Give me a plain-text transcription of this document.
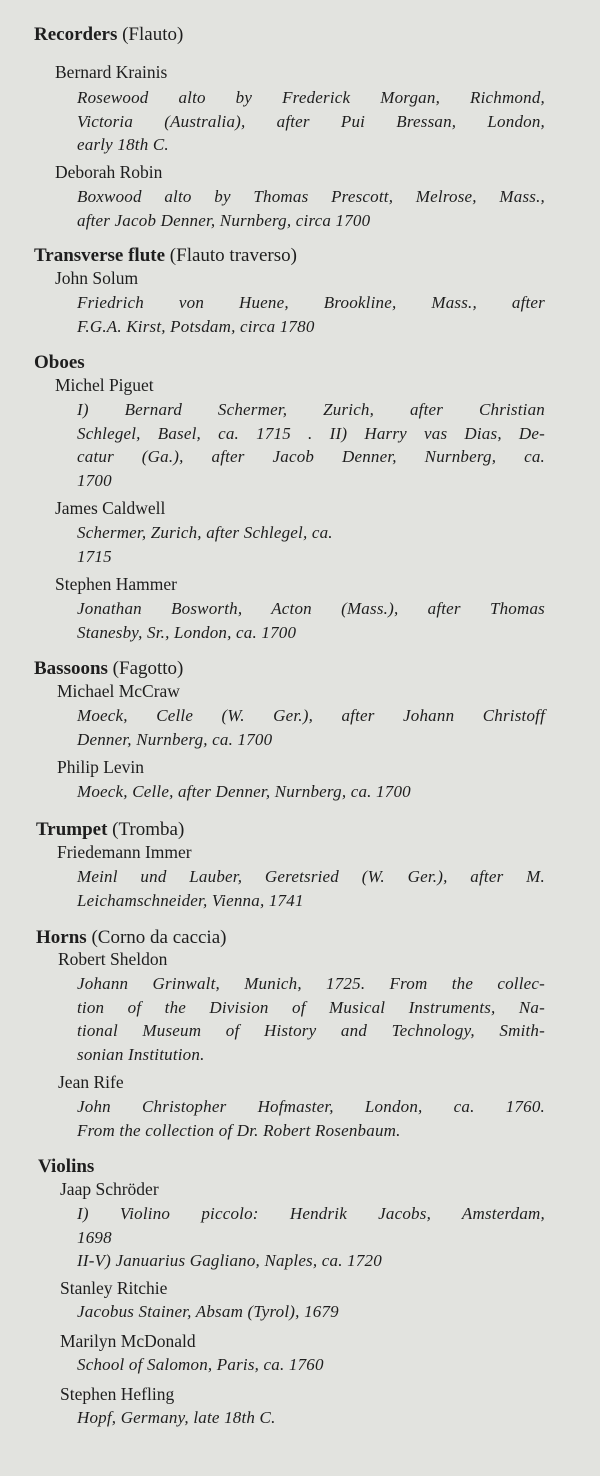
Recorders (Flauto)
Bernard Krainis
Rosewood alto by Frederick Morgan, Richmond,
Victoria (Australia), after Pui Bressan, London,
early 18th C.
Deborah Robin
Boxwood alto by Thomas Prescott, Melrose, Mass.,
after Jacob Denner, Nurnberg, circa 1700
Transverse flute (Flauto traverso)
John Solum
Friedrich von Huene, Brookline, Mass., after
F.G.A. Kirst, Potsdam, circa 1780
Oboes
Michel Piguet
I) Bernard Schermer, Zurich, after Christian
Schlegel, Basel, ca. 1715 . II) Harry vas Dias, De-
catur (Ga.), after Jacob Denner, Nurnberg, ca.
1700
James Caldwell
Schermer, Zurich, after Schlegel, ca.
1715
Stephen Hammer
Jonathan Bosworth, Acton (Mass.), after Thomas
Stanesby, Sr., London, ca. 1700
Bassoons (Fagotto)
Michael McCraw
Moeck, Celle (W. Ger.), after Johann Christoff
Denner, Nurnberg, ca. 1700
Philip Levin
Moeck, Celle, after Denner, Nurnberg, ca. 1700
Trumpet (Tromba)
Friedemann Immer
Meinl und Lauber, Geretsried (W. Ger.), after M.
Leichamschneider, Vienna, 1741
Horns (Corno da caccia)
Robert Sheldon
Johann Grinwalt, Munich, 1725. From the collec-
tion of the Division of Musical Instruments, Na-
tional Museum of History and Technology, Smith-
sonian Institution.
Jean Rife
John Christopher Hofmaster, London, ca. 1760.
From the collection of Dr. Robert Rosenbaum.
Violins
Jaap Schröder
I) Violino piccolo: Hendrik Jacobs, Amsterdam,
1698
II-V) Januarius Gagliano, Naples, ca. 1720
Stanley Ritchie
Jacobus Stainer, Absam (Tyrol), 1679
Marilyn McDonald
School of Salomon, Paris, ca. 1760
Stephen Hefling
Hopf, Germany, late 18th C.
